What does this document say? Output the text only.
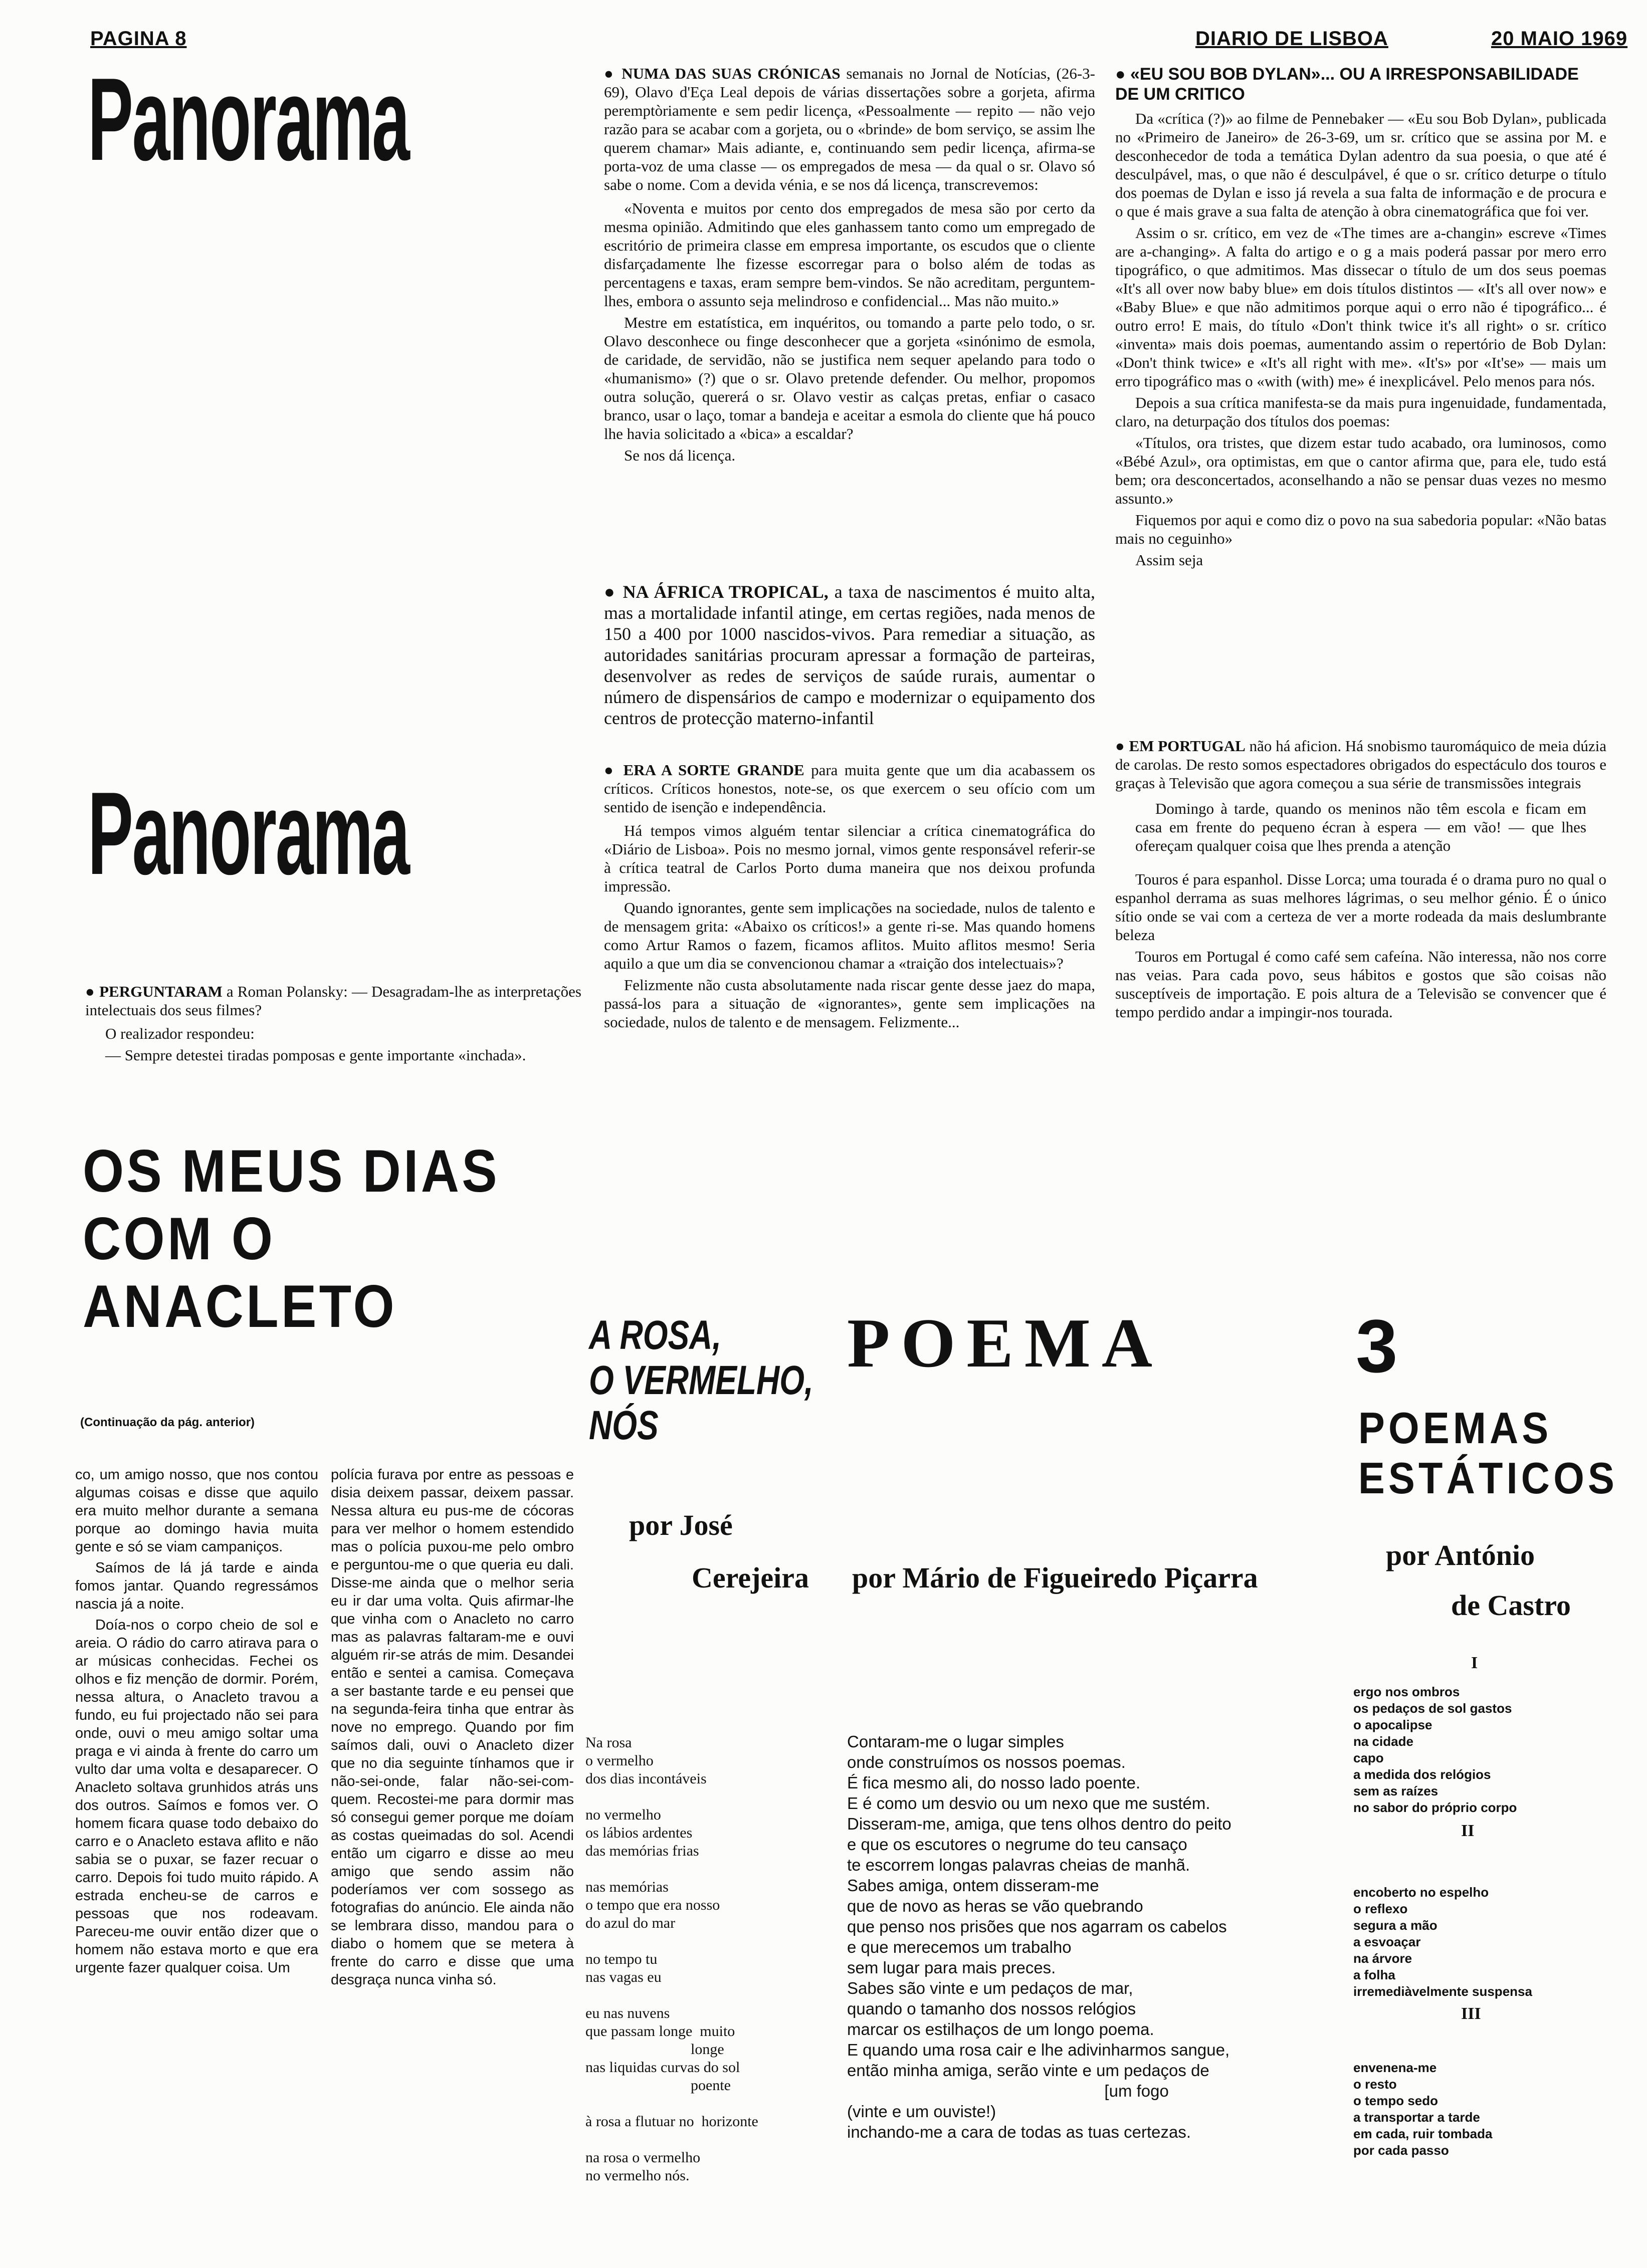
PAGINA 8	DIARIO DE LISBOA	20 MAIO 1969
Panorama
Panorama

● PERGUNTARAM a Roman Polansky: — Desagradam-lhe as interpretações intelectuais dos seus filmes?

O realizador respondeu:

— Sempre detestei tiradas pomposas e gente importante «inchada».

● NUMA DAS SUAS CRÓNICAS semanais no Jornal de Notícias, (26-3-69), Olavo d'Eça Leal depois de várias dissertações sobre a gorjeta, afirma peremptòriamente e sem pedir licença, «Pessoalmente — repito — não vejo razão para se acabar com a gorjeta, ou o «brinde» de bom serviço, se assim lhe querem chamar» Mais adiante, e, continuando sem pedir licença, afirma-se porta-voz de uma classe — os empregados de mesa — da qual o sr. Olavo só sabe o nome. Com a devida vénia, e se nos dá licença, transcrevemos:

«Noventa e muitos por cento dos empregados de mesa são por certo da mesma opinião. Admitindo que eles ganhassem tanto como um empregado de escritório de primeira classe em empresa importante, os escudos que o cliente disfarçadamente lhe fizesse escorregar para o bolso além de todas as percentagens e taxas, eram sempre bem-vindos. Se não acreditam, perguntem-lhes, embora o assunto seja melindroso e confidencial... Mas não muito.»

Mestre em estatística, em inquéritos, ou tomando a parte pelo todo, o sr. Olavo desconhece ou finge desconhecer que a gorjeta «sinónimo de esmola, de caridade, de servidão, não se justifica nem sequer apelando para todo o «humanismo» (?) que o sr. Olavo pretende defender. Ou melhor, propomos outra solução, quererá o sr. Olavo vestir as calças pretas, enfiar o casaco branco, usar o laço, tomar a bandeja e aceitar a esmola do cliente que há pouco lhe havia solicitado a «bica» a escaldar?

Se nos dá licença.

● NA ÁFRICA TROPICAL, a taxa de nascimentos é muito alta, mas a mortalidade infantil atinge, em certas regiões, nada menos de 150 a 400 por 1000 nascidos-vivos. Para remediar a situação, as autoridades sanitárias procuram apressar a formação de parteiras, desenvolver as redes de serviços de saúde rurais, aumentar o número de dispensários de campo e modernizar o equipamento dos centros de protecção materno-infantil

● ERA A SORTE GRANDE para muita gente que um dia acabassem os críticos. Críticos honestos, note-se, os que exercem o seu ofício com um sentido de isenção e independência.

Há tempos vimos alguém tentar silenciar a crítica cinematográfica do «Diário de Lisboa». Pois no mesmo jornal, vimos gente responsável referir-se à crítica teatral de Carlos Porto duma maneira que nos deixou profunda impressão.

Quando ignorantes, gente sem implicações na sociedade, nulos de talento e de mensagem grita: «Abaixo os críticos!» a gente ri-se. Mas quando homens como Artur Ramos o fazem, ficamos aflitos. Muito aflitos mesmo! Seria aquilo a que um dia se convencionou chamar a «traição dos intelectuais»?

Felizmente não custa absolutamente nada riscar gente desse jaez do mapa, passá-los para a situação de «ignorantes», gente sem implicações na sociedade, nulos de talento e de mensagem. Felizmente...

● «EU SOU BOB DYLAN»... OU A IRRESPONSABILIDADE DE UM CRITICO

Da «crítica (?)» ao filme de Pennebaker — «Eu sou Bob Dylan», publicada no «Primeiro de Janeiro» de 26-3-69, um sr. crítico que se assina por M. e desconhecedor de toda a temática Dylan adentro da sua poesia, o que até é desculpável, mas, o que não é desculpável, é que o sr. crítico deturpe o título dos poemas de Dylan e isso já revela a sua falta de informação e de procura e o que é mais grave a sua falta de atenção à obra cinematográfica que foi ver.

Assim o sr. crítico, em vez de «The times are a-changin» escreve «Times are a-changing». A falta do artigo e o g a mais poderá passar por mero erro tipográfico, o que admitimos. Mas dissecar o título de um dos seus poemas «It's all over now baby blue» em dois títulos distintos — «It's all over now» e «Baby Blue» e que não admitimos porque aqui o erro não é tipográfico... é outro erro! E mais, do título «Don't think twice it's all right» o sr. crítico «inventa» mais dois poemas, aumentando assim o repertório de Bob Dylan: «Don't think twice» e «It's all right with me». «It's» por «It'se» — mais um erro tipográfico mas o «with (with) me» é inexplicável. Pelo menos para nós.

Depois a sua crítica manifesta-se da mais pura ingenuidade, fundamentada, claro, na deturpação dos títulos dos poemas:

«Títulos, ora tristes, que dizem estar tudo acabado, ora luminosos, como «Bébé Azul», ora optimistas, em que o cantor afirma que, para ele, tudo está bem; ora desconcertados, aconselhando a não se pensar duas vezes no mesmo assunto.»

Fiquemos por aqui e como diz o povo na sua sabedoria popular: «Não batas mais no ceguinho»

Assim seja

● EM PORTUGAL não há aficion. Há snobismo tauromáquico de meia dúzia de carolas. De resto somos espectadores obrigados do espectáculo dos touros e graças à Televisão que agora começou a sua série de transmissões integrais

Domingo à tarde, quando os meninos não têm escola e ficam em casa em frente do pequeno écran à espera — em vão! — que lhes ofereçam qualquer coisa que lhes prenda a atenção

Touros é para espanhol. Disse Lorca; uma tourada é o drama puro no qual o espanhol derrama as suas melhores lágrimas, o seu melhor génio. É o único sítio onde se vai com a certeza de ver a morte rodeada da mais deslumbrante beleza

Touros em Portugal é como café sem cafeína. Não interessa, não nos corre nas veias. Para cada povo, seus hábitos e gostos que são coisas não susceptíveis de importação. E pois altura de a Televisão se convencer que é tempo perdido andar a impingir-nos tourada.

OS MEUS DIAS
COM O
ANACLETO
(Continuação da pág. anterior)

co, um amigo nosso, que nos contou algumas coisas e disse que aquilo era muito melhor durante a semana porque ao domingo havia muita gente e só se viam campaniços.

Saímos de lá já tarde e ainda fomos jantar. Quando regressámos nascia já a noite.

Doía-nos o corpo cheio de sol e areia. O rádio do carro atirava para o ar músicas conhecidas. Fechei os olhos e fiz menção de dormir. Porém, nessa altura, o Anacleto travou a fundo, eu fui projectado não sei para onde, ouvi o meu amigo soltar uma praga e vi ainda à frente do carro um vulto dar uma volta e desaparecer. O Anacleto soltava grunhidos atrás uns dos outros. Saímos e fomos ver. O homem ficara quase todo debaixo do carro e o Anacleto estava aflito e não sabia se o puxar, se fazer recuar o carro. Depois foi tudo muito rápido. A estrada encheu-se de carros e pessoas que nos rodeavam. Pareceu-me ouvir então dizer que o homem não estava morto e que era urgente fazer qualquer coisa. Um

polícia furava por entre as pessoas e disia deixem passar, deixem passar. Nessa altura eu pus-me de cócoras para ver melhor o homem estendido mas o polícia puxou-me pelo ombro e perguntou-me o que queria eu dali. Disse-me ainda que o melhor seria eu ir dar uma volta. Quis afirmar-lhe que vinha com o Anacleto no carro mas as palavras faltaram-me e ouvi alguém rir-se atrás de mim. Desandei então e sentei a camisa. Começava a ser bastante tarde e eu pensei que na segunda-feira tinha que entrar às nove no emprego. Quando por fim saímos dali, ouvi o Anacleto dizer que no dia seguinte tínhamos que ir não-sei-onde, falar não-sei-com-quem. Recostei-me para dormir mas só consegui gemer porque me doíam as costas queimadas do sol. Acendi então um cigarro e disse ao meu amigo que sendo assim não poderíamos ver com sossego as fotografias do anúncio. Ele ainda não se lembrara disso, mandou para o diabo o homem que se metera à frente do carro e disse que uma desgraça nunca vinha só.

A ROSA,
O VERMELHO,
NÓS
por José
Cerejeira
Na rosa
o vermelho
dos dias incontáveis

no vermelho
os lábios ardentes
das memórias frias

nas memórias
o tempo que era nosso
do azul do mar

no tempo tu
nas vagas eu

eu nas nuvens
que passam longe  muito
longe
nas liquidas curvas do sol
poente

à rosa a flutuar no  horizonte

na rosa o vermelho
no vermelho nós.
POEMA
por Mário de Figueiredo Piçarra
Contaram-me o lugar simples
onde construímos os nossos poemas.
É fica mesmo ali, do nosso lado poente.
E é como um desvio ou um nexo que me sustém.
Disseram-me, amiga, que tens olhos dentro do peito
e que os escutores o negrume do teu cansaço
te escorrem longas palavras cheias de manhã.
Sabes amiga, ontem disseram-me
que de novo as heras se vão quebrando
que penso nos prisões que nos agarram os cabelos
e que merecemos um trabalho
sem lugar para mais preces.
Sabes são vinte e um pedaços de mar,
quando o tamanho dos nossos relógios
marcar os estilhaços de um longo poema.
E quando uma rosa cair e lhe adivinharmos sangue,
então minha amiga, serão vinte e um pedaços de
[um fogo
(vinte e um ouviste!)
inchando-me a cara de todas as tuas certezas.
3
POEMAS
ESTÁTICOS
por António
de Castro
I
ergo nos ombros
os pedaços de sol gastos
o apocalipse
na cidade
capo
a medida dos relógios
sem as raízes
no sabor do próprio corpo
II
encoberto no espelho
o reflexo
segura a mão
a esvoaçar
na árvore
a folha
irremediàvelmente suspensa
III
envenena-me
o resto
o tempo sedo
a transportar a tarde
em cada, ruir tombada
por cada passo
